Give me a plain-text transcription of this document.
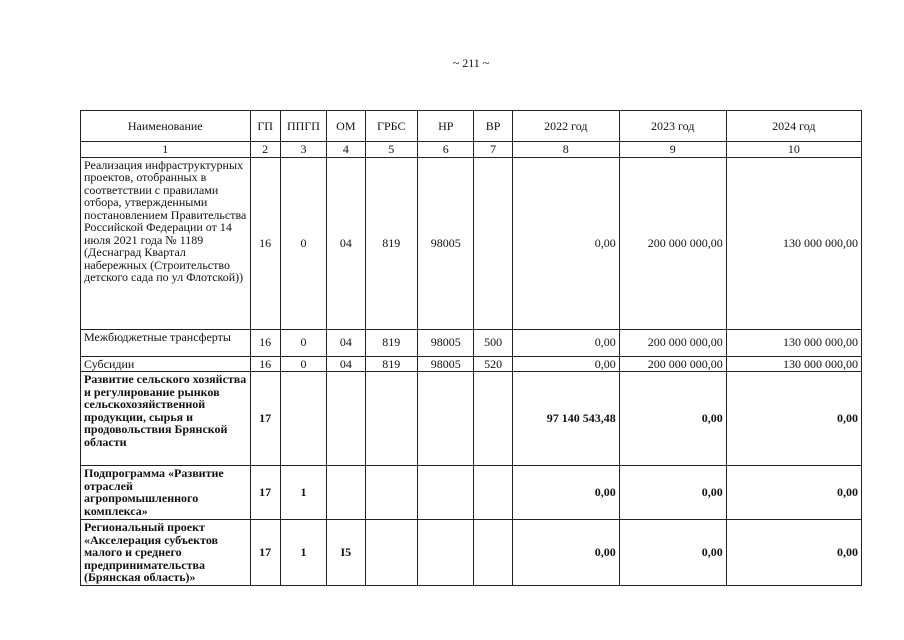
~ 211 ~
Наименование	ГП	ППГП	ОМ	ГРБС	НР	ВР	2022 год	2023 год	2024 год
1	2	3	4	5	6	7	8	9	10
Реализация инфраструктурных проектов, отобранных в соответствии с правилами отбора, утвержденными постановлением Правительства Российской Федерации от 14 июля 2021 года № 1189 (Деснаград Квартал набережных (Строительство детского сада по ул Флотской))	16	0	04	819	98005		0,00	200 000 000,00	130 000 000,00
Межбюджетные трансферты	16	0	04	819	98005	500	0,00	200 000 000,00	130 000 000,00
Субсидии	16	0	04	819	98005	520	0,00	200 000 000,00	130 000 000,00
Развитие сельского хозяйства и регулирование рынков сельскохозяйственной продукции, сырья и продовольствия Брянской области	17						97 140 543,48	0,00	0,00
Подпрограмма «Развитие отраслей агропромышленного комплекса»	17	1					0,00	0,00	0,00
Региональный проект «Акселерация субъектов малого и среднего предпринимательства (Брянская область)»	17	1	I5				0,00	0,00	0,00
